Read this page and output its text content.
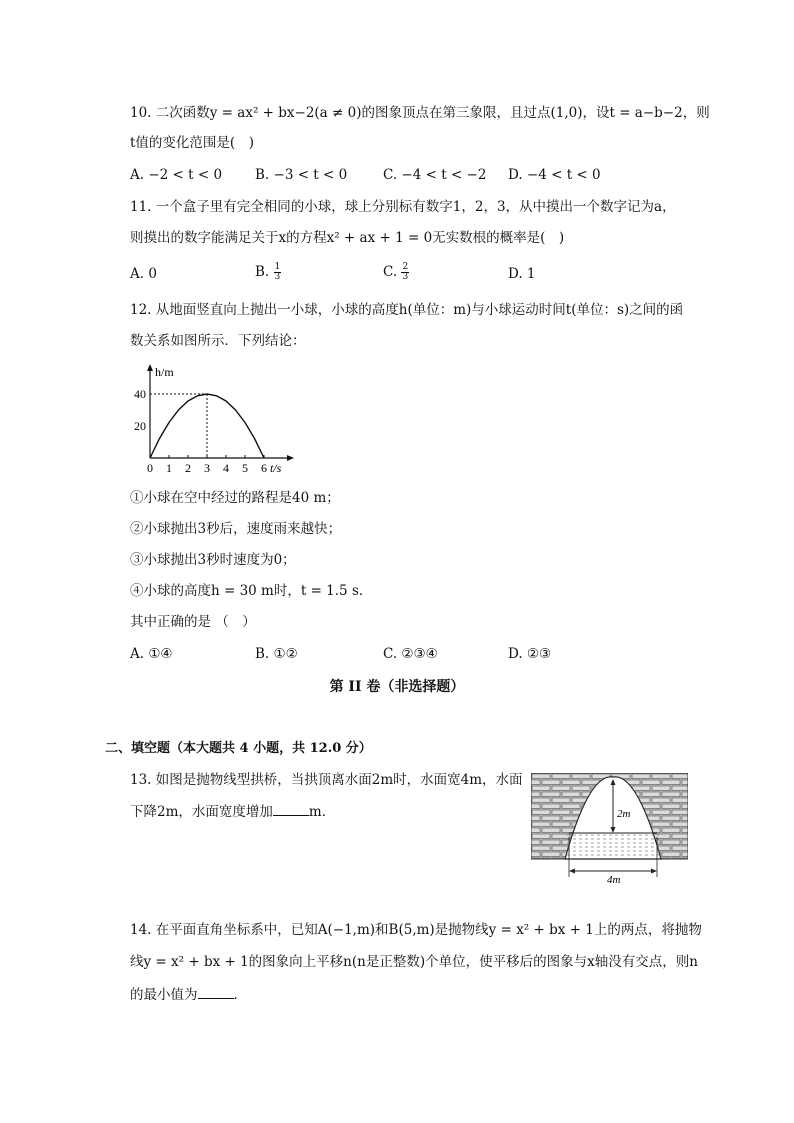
10. 二次函数y = ax² + bx−2(a ≠ 0)的图象顶点在第三象限，且过点(1,0)，设t = a−b−2，则
t值的变化范围是(　)
A. −2 < t < 0 B. −3 < t < 0	C. −4 < t < −2 D. −4 < t < 0
11. 一个盒子里有完全相同的小球，球上分别标有数字1，2，3，从中摸出一个数字记为a，
则摸出的数字能满足关于x的方程x² + ax + 1 = 0无实数根的概率是(　)
A. 0	B. $\frac{1}{3}$	C. $\frac{2}{3}$	D. 1
12. 从地面竖直向上抛出一小球，小球的高度h(单位：m)与小球运动时间t(单位：s)之间的函
数关系如图所示．下列结论：
h/m
0 1 2 3 4 5 6 t/s
20
40
①小球在空中经过的路程是40 m；
②小球抛出3秒后，速度雨来越快；
③小球抛出3秒时速度为0；
④小球的高度h = 30 m时，t = 1.5 s．
其中正确的是 （　）
A. ①④	B. ①②	C. ②③④	D. ②③
第 II 卷（非选择题）
二、填空题（本大题共 4 小题，共 12.0 分）
13. 如图是抛物线型拱桥，当拱顶离水面2m时，水面宽4m，水面
下降2m，水面宽度增加	m．	2m
4m
14. 在平面直角坐标系中，已知A(−1,m)和B(5,m)是抛物线y = x² + bx + 1上的两点，将抛物
线y = x² + bx + 1的图象向上平移n(n是正整数)个单位，使平移后的图象与x轴没有交点，则n
的最小值为	．
